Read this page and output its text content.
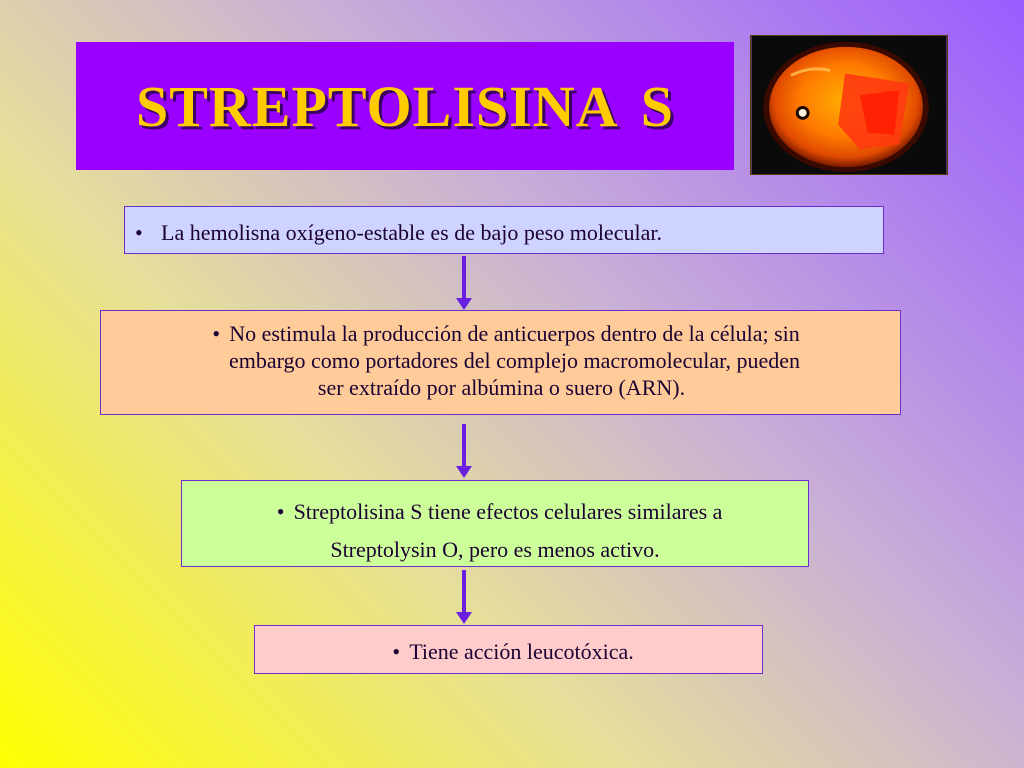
STREPTOLISINA S
• La hemolisna oxígeno-estable es de bajo peso molecular.
• No estimula la producción de anticuerpos dentro de la célula; sin
embargo como portadores del complejo macromolecular, pueden
ser extraído por albúmina o suero (ARN).
• Streptolisina S tiene efectos celulares similares a
Streptolysin O, pero es menos activo.
• Tiene acción leucotóxica.
